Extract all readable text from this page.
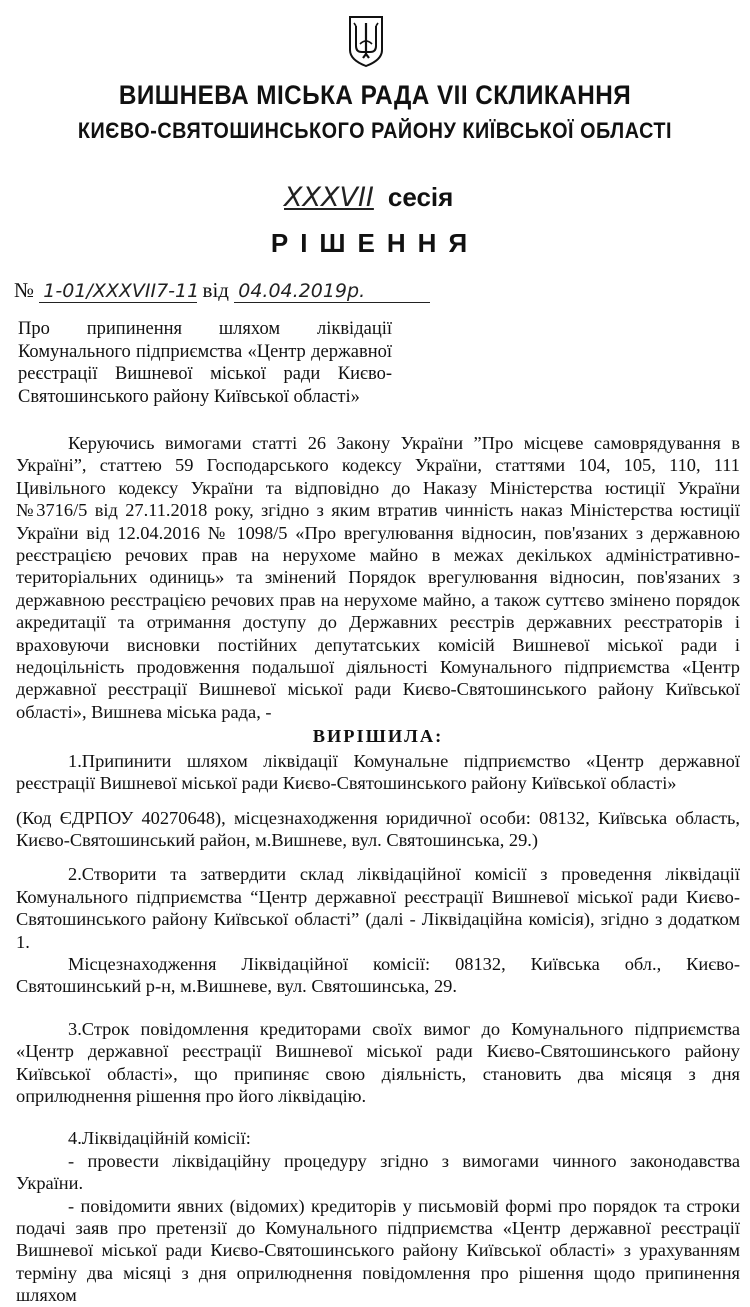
ВИШНЕВА МІСЬКА РАДА VII СКЛИКАННЯ
КИЄВО-СВЯТОШИНСЬКОГО РАЙОНУ КИЇВСЬКОЇ ОБЛАСТІ
XXXVII сесія
РІШЕННЯ
№ 1-01/XXXVII7-11 від 04.04.2019р.
Про припинення шляхом ліквідації Комунального підприємства «Центр державної реєстрації Вишневої міської ради Києво-Святошинського району Київської області»

Керуючись вимогами статті 26 Закону України ”Про місцеве самоврядування в Україні”, статтею 59 Господарського кодексу України, статтями 104, 105, 110, 111 Цивільного кодексу України та відповідно до Наказу Міністерства юстиції України №3716/5 від 27.11.2018 року, згідно з яким втратив чинність наказ Міністерства юстиції України від 12.04.2016 № 1098/5 «Про врегулювання відносин, пов'язаних з державною реєстрацією речових прав на нерухоме майно в межах декількох адміністративно-територіальних одиниць» та змінений Порядок врегулювання відносин, пов'язаних з державною реєстрацією речових прав на нерухоме майно, а також суттєво змінено порядок акредитації та отримання доступу до Державних реєстрів державних реєстраторів і враховуючи висновки постійних депутатських комісій Вишневої міської ради і недоцільність продовження подальшої діяльності Комунального підприємства «Центр державної реєстрації Вишневої міської ради Києво-Святошинського району Київської області», Вишнева міська рада, -

ВИРІШИЛА:

1.Припинити шляхом ліквідації Комунальне підприємство «Центр державної реєстрації Вишневої міської ради Києво-Святошинського району Київської області»

(Код ЄДРПОУ 40270648), місцезнаходження юридичної особи: 08132, Київська область, Києво-Святошинський район, м.Вишневе, вул. Святошинська, 29.)

2.Створити та затвердити склад ліквідаційної комісії з проведення ліквідації Комунального підприємства “Центр державної реєстрації Вишневої міської ради Києво-Святошинського району Київської області” (далі - Ліквідаційна комісія), згідно з додатком 1.

Місцезнаходження Ліквідаційної комісії: 08132, Київська обл., Києво-Святошинський р-н, м.Вишневе, вул. Святошинська, 29.

3.Строк повідомлення кредиторами своїх вимог до Комунального підприємства «Центр державної реєстрації Вишневої міської ради Києво-Святошинського району Київської області», що припиняє свою діяльність, становить два місяця з дня оприлюднення рішення про його ліквідацію.

4.Ліквідаційній комісії:

- провести ліквідаційну процедуру згідно з вимогами чинного законодавства України.

- повідомити явних (відомих) кредиторів у письмовій формі про порядок та строки подачі заяв про претензії до Комунального підприємства «Центр державної реєстрації Вишневої міської ради Києво-Святошинського району Київської області» з урахуванням терміну два місяці з дня оприлюднення повідомлення про рішення щодо припинення шляхом
